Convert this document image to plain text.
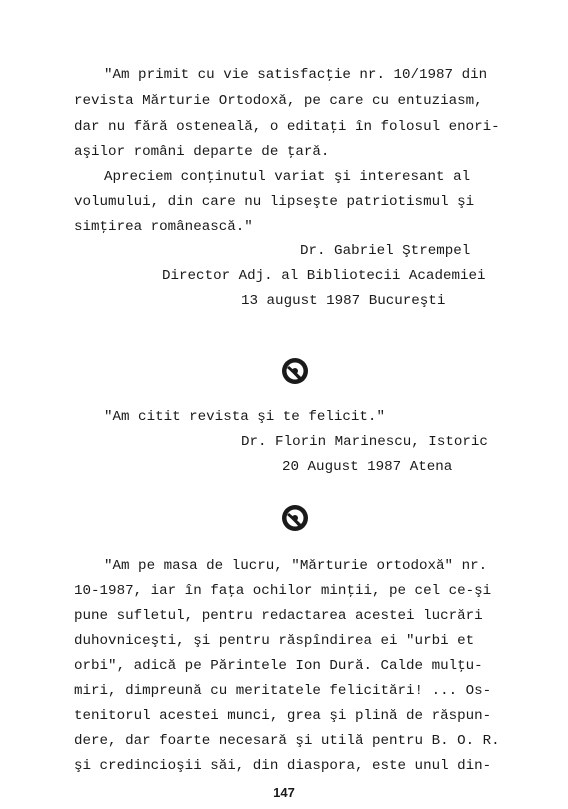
"Am primit cu vie satisfacţie nr. 10/1987 din
revista Mărturie Ortodoxă, pe care cu entuziasm,
dar nu fără osteneală, o editaţi în folosul enori-
aşilor români departe de ţară.
Apreciem conţinutul variat şi interesant al
volumului, din care nu lipseşte patriotismul şi
simţirea românească."
Dr. Gabriel Ştrempel
Director Adj. al Bibliotecii Academiei
13 august 1987 Bucureşti
"Am citit revista şi te felicit."
Dr. Florin Marinescu, Istoric
20 August 1987 Atena
"Am pe masa de lucru, "Mărturie ortodoxă" nr.
10-1987, iar în faţa ochilor minţii, pe cel ce-şi
pune sufletul, pentru redactarea acestei lucrări
duhovniceşti, şi pentru răspîndirea ei "urbi et
orbi", adică pe Părintele Ion Dură. Calde mulţu-
miri, dimpreună cu meritatele felicitări! ... Os-
tenitorul acestei munci, grea şi plină de răspun-
dere, dar foarte necesară şi utilă pentru B. O. R.
şi credincioşii săi, din diaspora, este unul din-
147
